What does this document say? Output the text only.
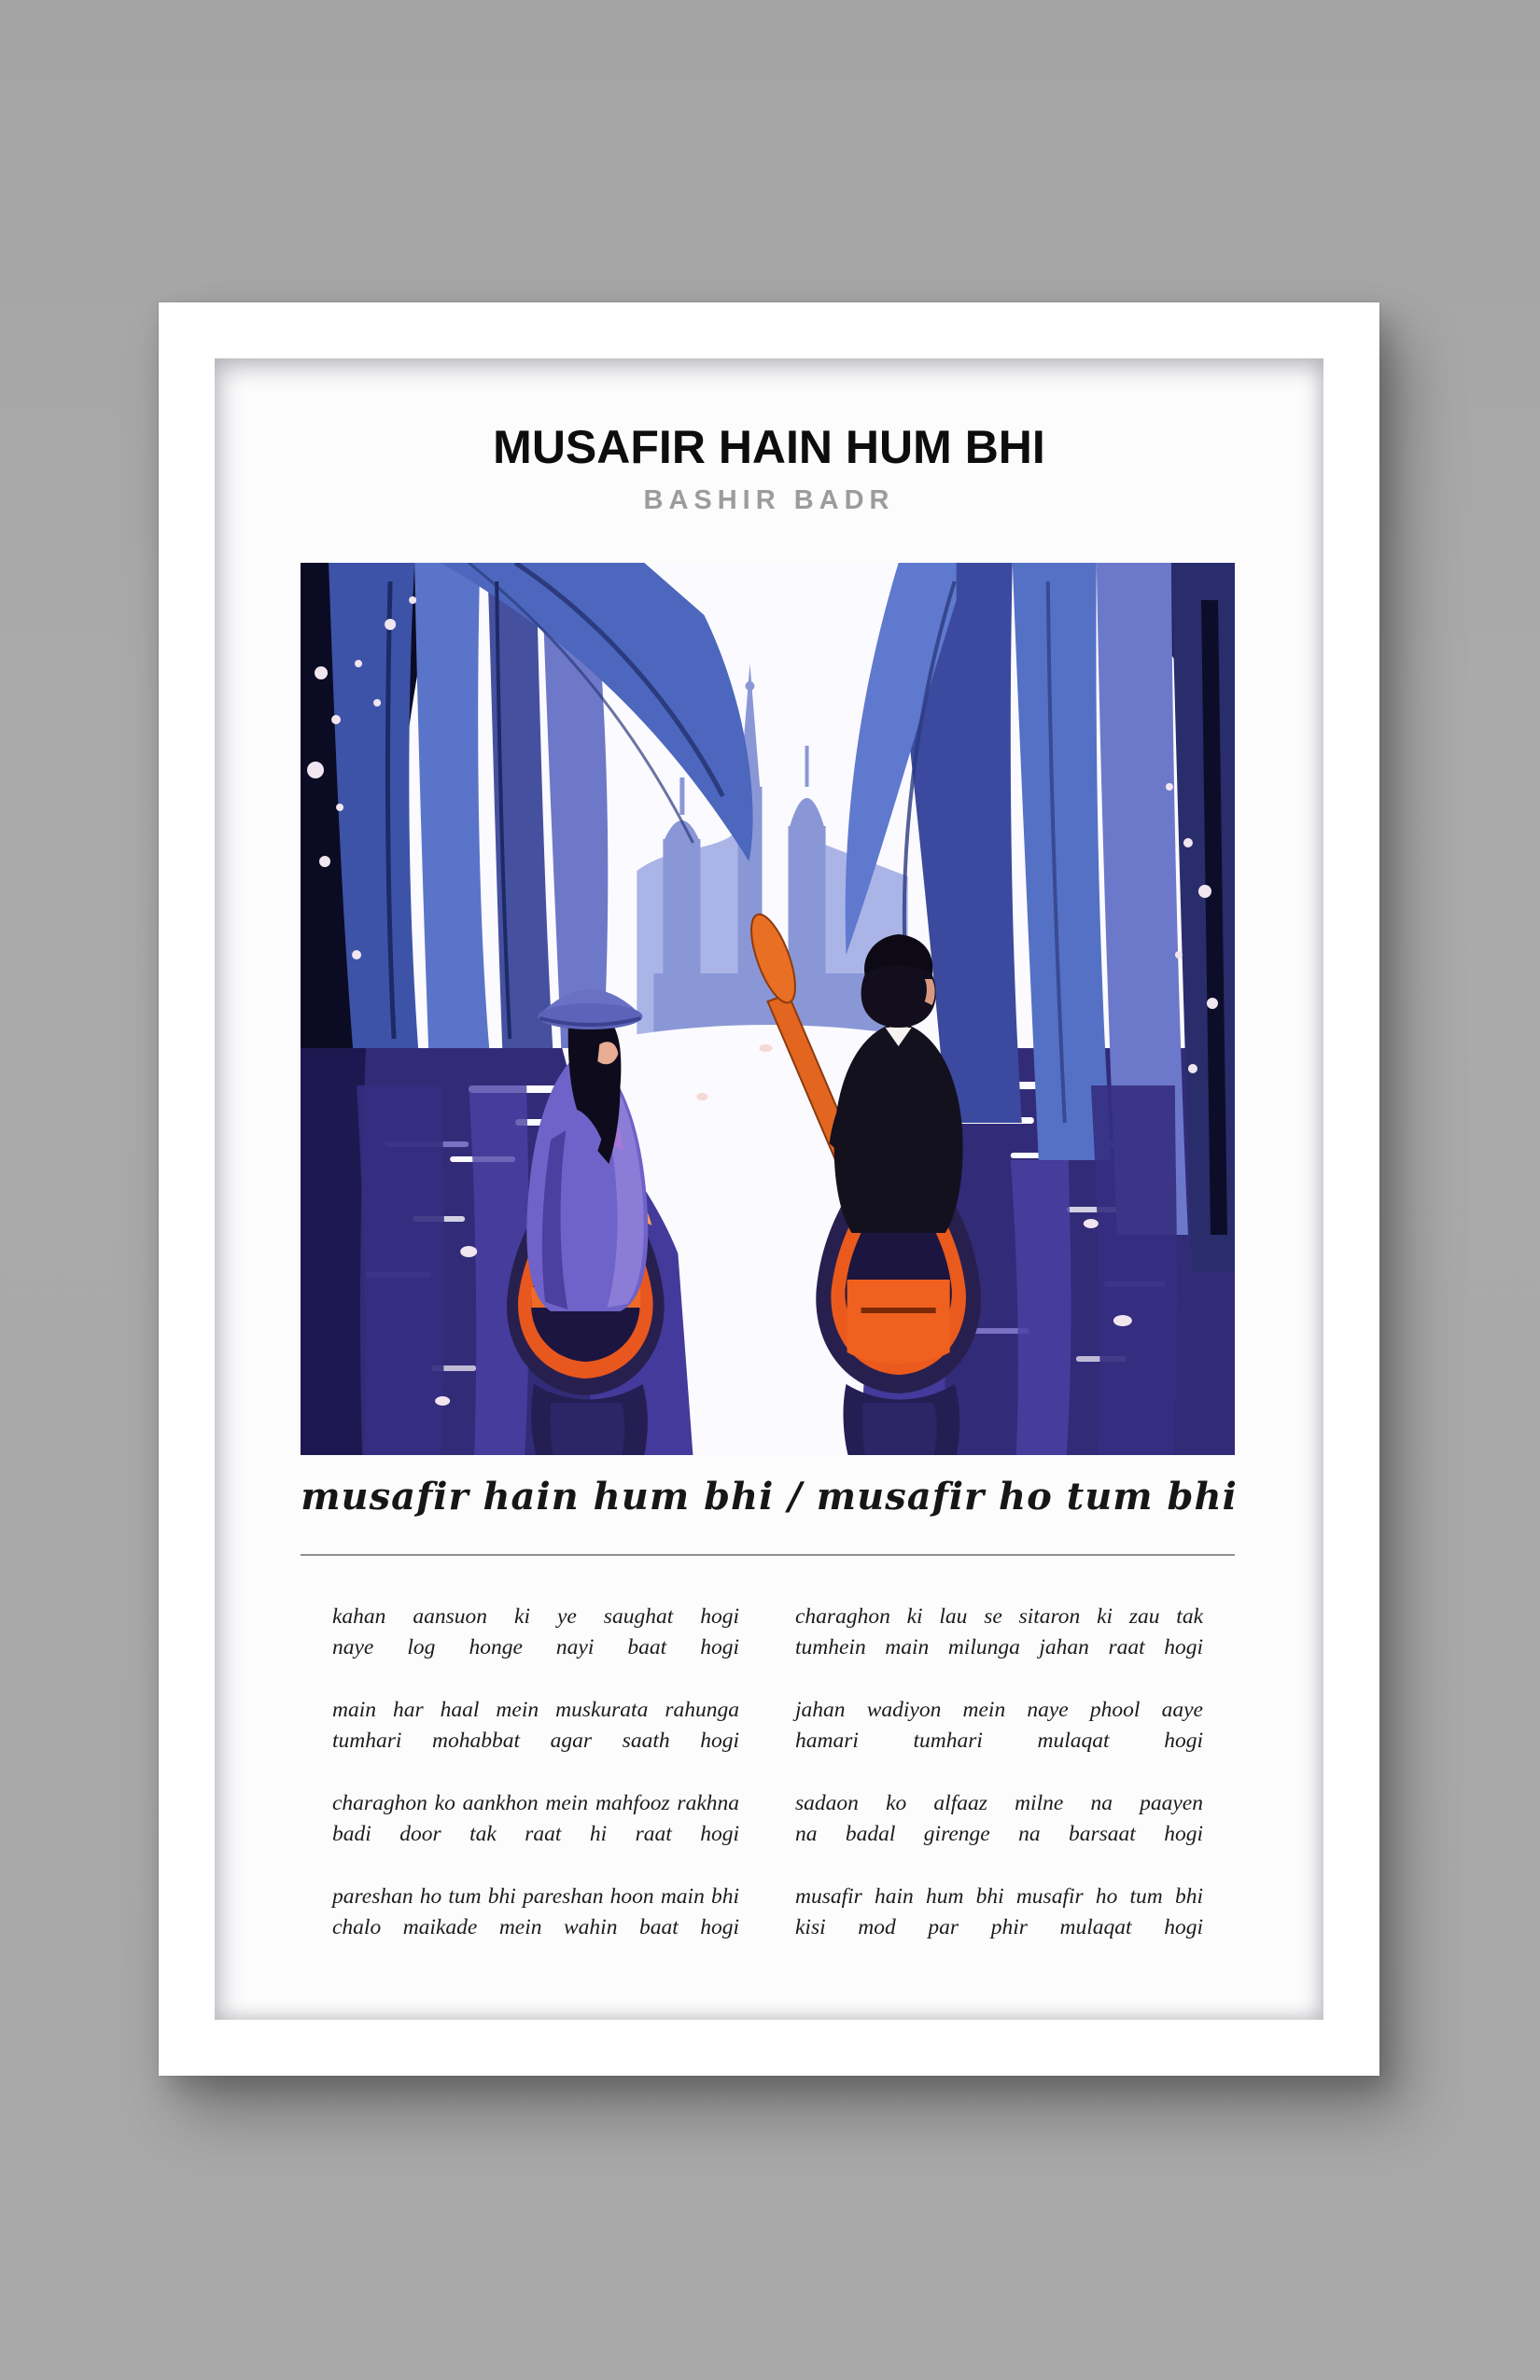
MUSAFIR HAIN HUM BHI
BASHIR BADR
musafir hain hum bhi / musafir ho tum bhi
kahan aansuon ki ye saughat hogi
naye log honge nayi baat hogi
main har haal mein muskurata rahunga
tumhari mohabbat agar saath hogi
charaghon ko aankhon mein mahfooz rakhna
badi door tak raat hi raat hogi
pareshan ho tum bhi pareshan hoon main bhi
chalo maikade mein wahin baat hogi
charaghon ki lau se sitaron ki zau tak
tumhein main milunga jahan raat hogi
jahan wadiyon mein naye phool aaye
hamari tumhari mulaqat hogi
sadaon ko alfaaz milne na paayen
na badal girenge na barsaat hogi
musafir hain hum bhi musafir ho tum bhi
kisi mod par phir mulaqat hogi
